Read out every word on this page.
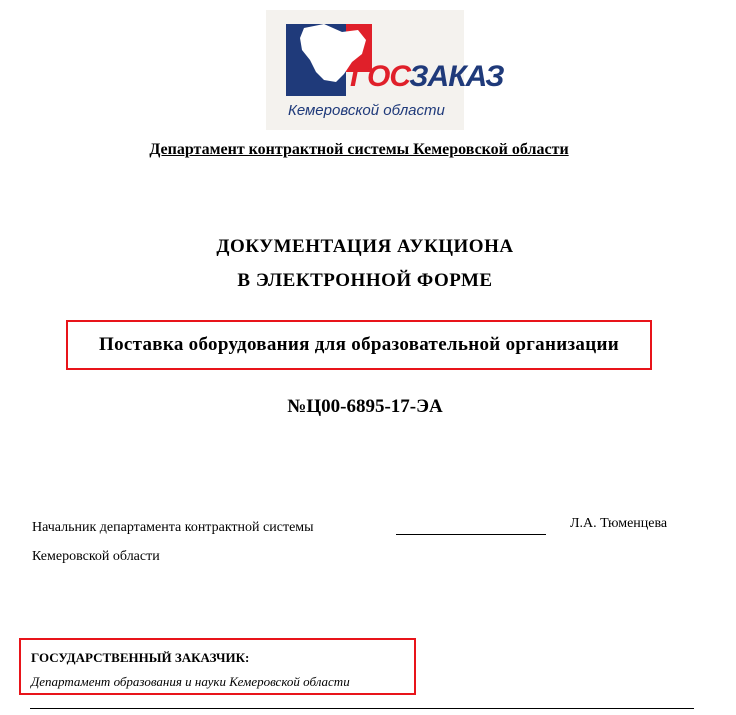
ГОСЗАКАЗ
Кемеровской области
Департамент контрактной системы Кемеровской области
ДОКУМЕНТАЦИЯ АУКЦИОНА
В ЭЛЕКТРОННОЙ ФОРМЕ
Поставка оборудования для образовательной организации
№Ц00-6895-17-ЭА
Начальник департамента контрактной системы
Кемеровской области
Л.А. Тюменцева
ГОСУДАРСТВЕННЫЙ ЗАКАЗЧИК:
Департамент образования и науки Кемеровской области
